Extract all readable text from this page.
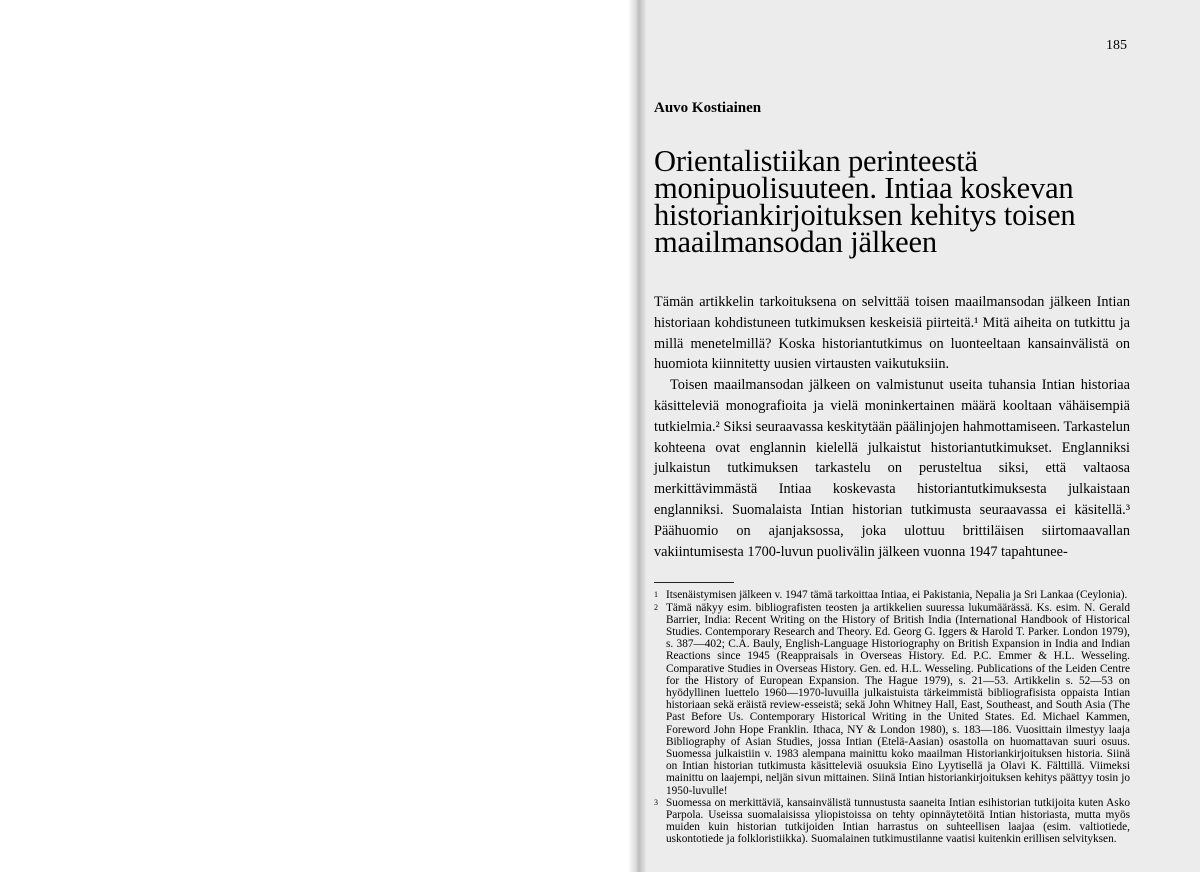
185

Auvo Kostiainen

Orientalistiikan perinteestä monipuolisuuteen. Intiaa koskevan historiankirjoituksen kehitys toisen maailmansodan jälkeen

Tämän artikkelin tarkoituksena on selvittää toisen maailmansodan jälkeen Intian historiaan kohdistuneen tutkimuksen keskeisiä piirteitä.¹ Mitä aiheita on tutkittu ja millä menetelmillä? Koska historiantutkimus on luonteeltaan kansainvälistä on huomiota kiinnitetty uusien virtausten vaikutuksiin.

Toisen maailmansodan jälkeen on valmistunut useita tuhansia Intian historiaa käsitteleviä monografioita ja vielä moninkertainen määrä kooltaan vähäisempiä tutkielmia.² Siksi seuraavassa keskitytään päälinjojen hahmottamiseen. Tarkastelun kohteena ovat englannin kielellä julkaistut historiantutkimukset. Englanniksi julkaistun tutkimuksen tarkastelu on perusteltua siksi, että valtaosa merkittävimmästä Intiaa koskevasta historiantutkimuksesta julkaistaan englanniksi. Suomalaista Intian historian tutkimusta seuraavassa ei käsitellä.³ Päähuomio on ajanjaksossa, joka ulottuu brittiläisen siirtomaavallan vakiintumisesta 1700-luvun puolivälin jälkeen vuonna 1947 tapahtunee-

1 Itsenäistymisen jälkeen v. 1947 tämä tarkoittaa Intiaa, ei Pakistania, Nepalia ja Sri Lankaa (Ceylonia).

2 Tämä näkyy esim. bibliografisten teosten ja artikkelien suuressa lukumäärässä. Ks. esim. N. Gerald Barrier, India: Recent Writing on the History of British India (International Handbook of Historical Studies. Contemporary Research and Theory. Ed. Georg G. Iggers & Harold T. Parker. London 1979), s. 387—402; C.A. Bauly, English-Language Historiography on British Expansion in India and Indian Reactions since 1945 (Reappraisals in Overseas History. Ed. P.C. Emmer & H.L. Wesseling. Comparative Studies in Overseas History. Gen. ed. H.L. Wesseling. Publications of the Leiden Centre for the History of European Expansion. The Hague 1979), s. 21—53. Artikkelin s. 52—53 on hyödyllinen luettelo 1960—1970-luvuilla julkaistuista tärkeimmistä bibliografisista oppaista Intian historiaan sekä eräistä review-esseistä; sekä John Whitney Hall, East, Southeast, and South Asia (The Past Before Us. Contemporary Historical Writing in the United States. Ed. Michael Kammen, Foreword John Hope Franklin. Ithaca, NY & London 1980), s. 183—186. Vuosittain ilmestyy laaja Bibliography of Asian Studies, jossa Intian (Etelä-Aasian) osastolla on huomattavan suuri osuus. Suomessa julkaistiin v. 1983 alempana mainittu koko maailman Historiankirjoituksen historia. Siinä on Intian historian tutkimusta käsitteleviä osuuksia Eino Lyytisellä ja Olavi K. Fälttillä. Viimeksi mainittu on laajempi, neljän sivun mittainen. Siinä Intian historiankirjoituksen kehitys päättyy tosin jo 1950-luvulle!

3 Suomessa on merkittäviä, kansainvälistä tunnustusta saaneita Intian esihistorian tutkijoita kuten Asko Parpola. Useissa suomalaisissa yliopistoissa on tehty opinnäytetöitä Intian historiasta, mutta myös muiden kuin historian tutkijoiden Intian harrastus on suhteellisen laajaa (esim. valtiotiede, uskontotiede ja folkloristiikka). Suomalainen tutkimustilanne vaatisi kuitenkin erillisen selvityksen.
